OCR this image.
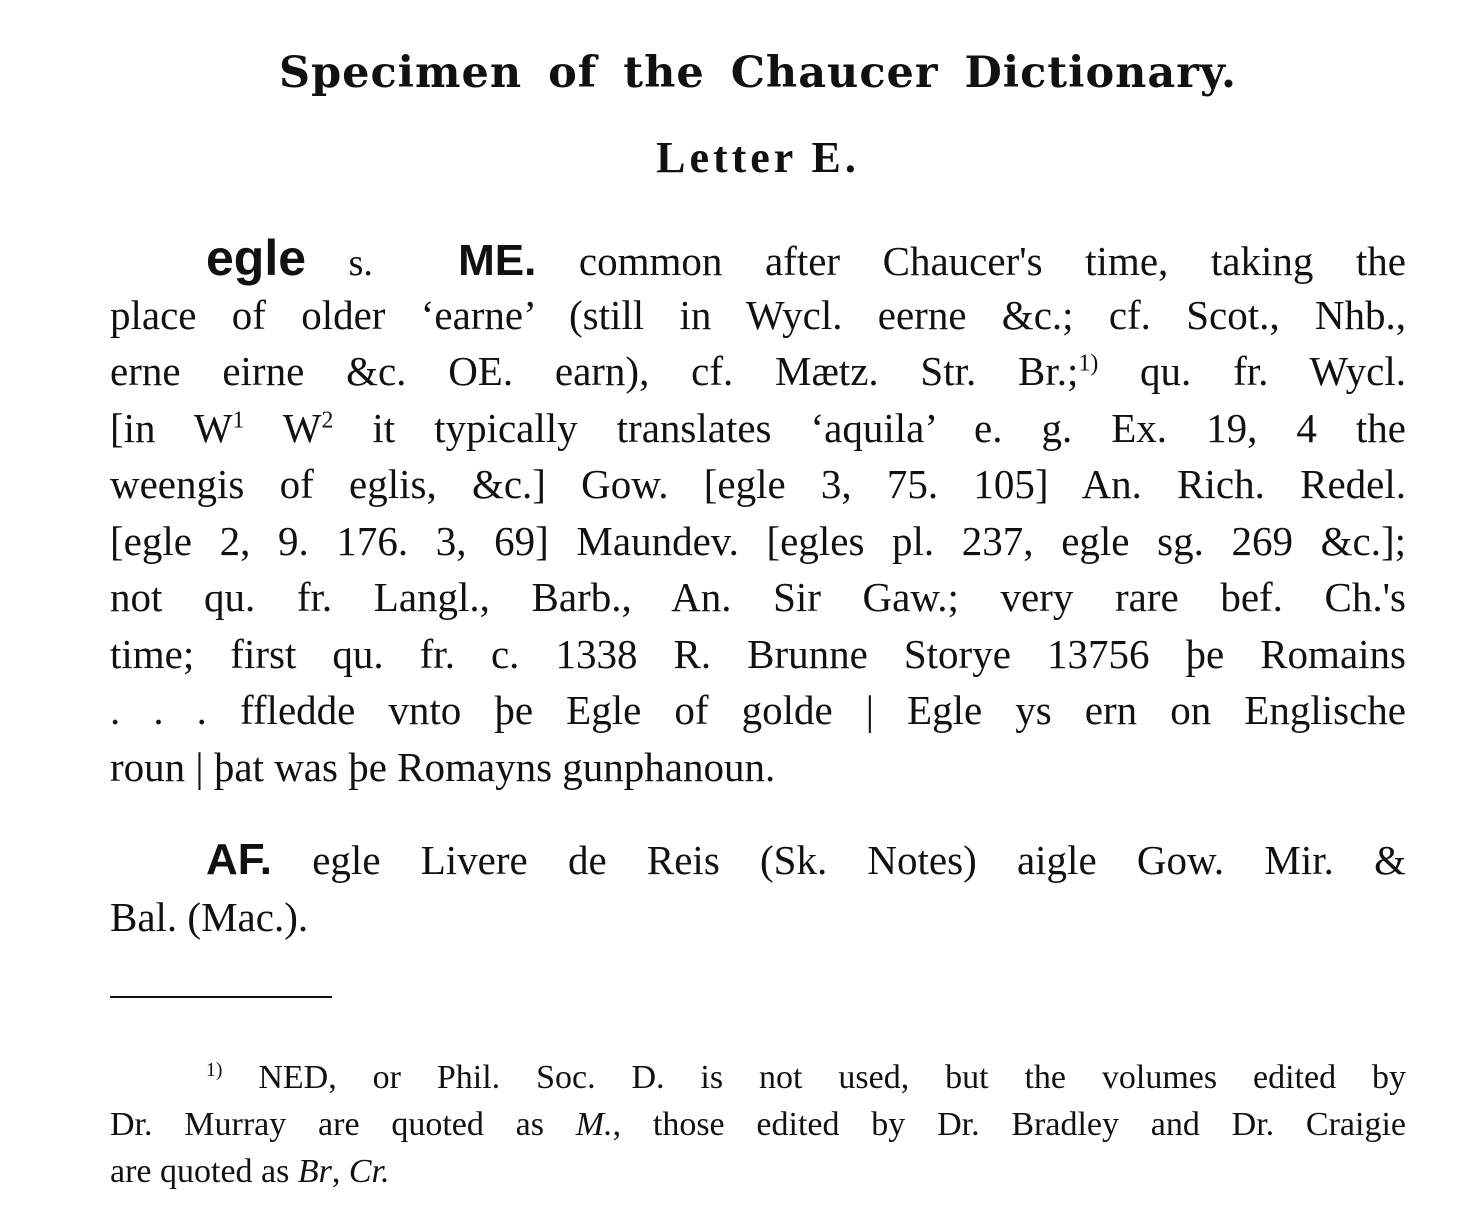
Specimen of the Chaucer Dictionary.
Letter E.
egle s. ME. common after Chaucer's time, taking the
place of older ‘earne’ (still in Wycl. eerne &c.; cf. Scot., Nhb.,
erne eirne &c. OE. earn), cf. Mætz. Str. Br.;$^{1)}$ qu. fr. Wycl.
[in $W^1$ $W^2$ it typically translates ‘aquila’ e. g. Ex. 19, 4 the
weengis of eglis, &c.] Gow. [egle 3, 75. 105] An. Rich. Redel.
[egle 2, 9. 176. 3, 69] Maundev. [egles pl. 237, egle sg. 269 &c.];
not qu. fr. Langl., Barb., An. Sir Gaw.; very rare bef. Ch.'s
time; first qu. fr. c. 1338 R. Brunne Storye 13756 þe Romains
. . . ffledde vnto þe Egle of golde | Egle ys ern on Englische
roun | þat was þe Romayns gunphanoun.
AF. egle Livere de Reis (Sk. Notes) aigle Gow. Mir. &
Bal. (Mac.).
$^{1)}$ NED, or Phil. Soc. D. is not used, but the volumes edited by
Dr. Murray are quoted as M., those edited by Dr. Bradley and Dr. Craigie
are quoted as Br, Cr.
